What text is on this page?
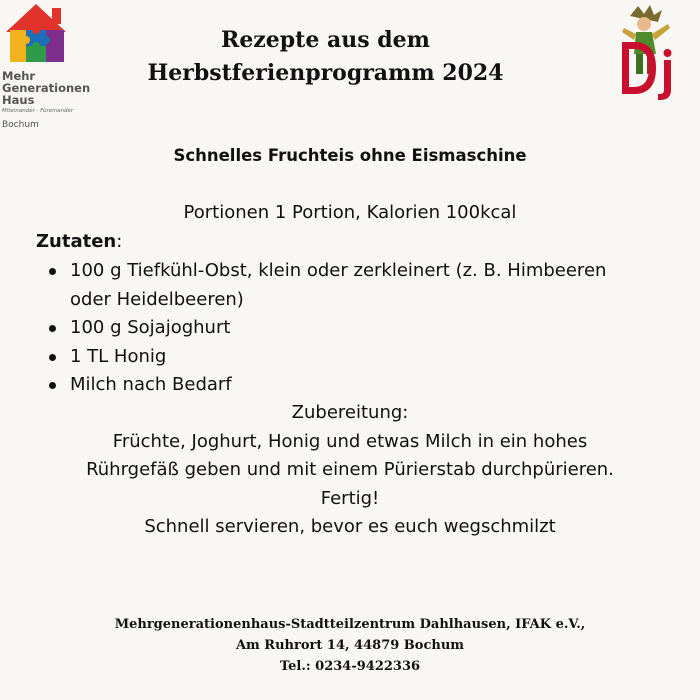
Mehr
Generationen
Haus
Miteinander · Füreinander
Bochum
Rezepte aus dem
Herbstferienprogramm 2024
Schnelles Fruchteis ohne Eismaschine
Portionen 1 Portion, Kalorien 100kcal
Zutaten:
100 g Tiefkühl-Obst, klein oder zerkleinert (z. B. Himbeeren
oder Heidelbeeren)
100 g Sojajoghurt
1 TL Honig
Milch nach Bedarf
Zubereitung:
Früchte, Joghurt, Honig und etwas Milch in ein hohes
Rührgefäß geben und mit einem Pürierstab durchpürieren.
Fertig!
Schnell servieren, bevor es euch wegschmilzt
Mehrgenerationenhaus-Stadtteilzentrum Dahlhausen, IFAK e.V.,
Am Ruhrort 14, 44879 Bochum
Tel.: 0234-9422336
